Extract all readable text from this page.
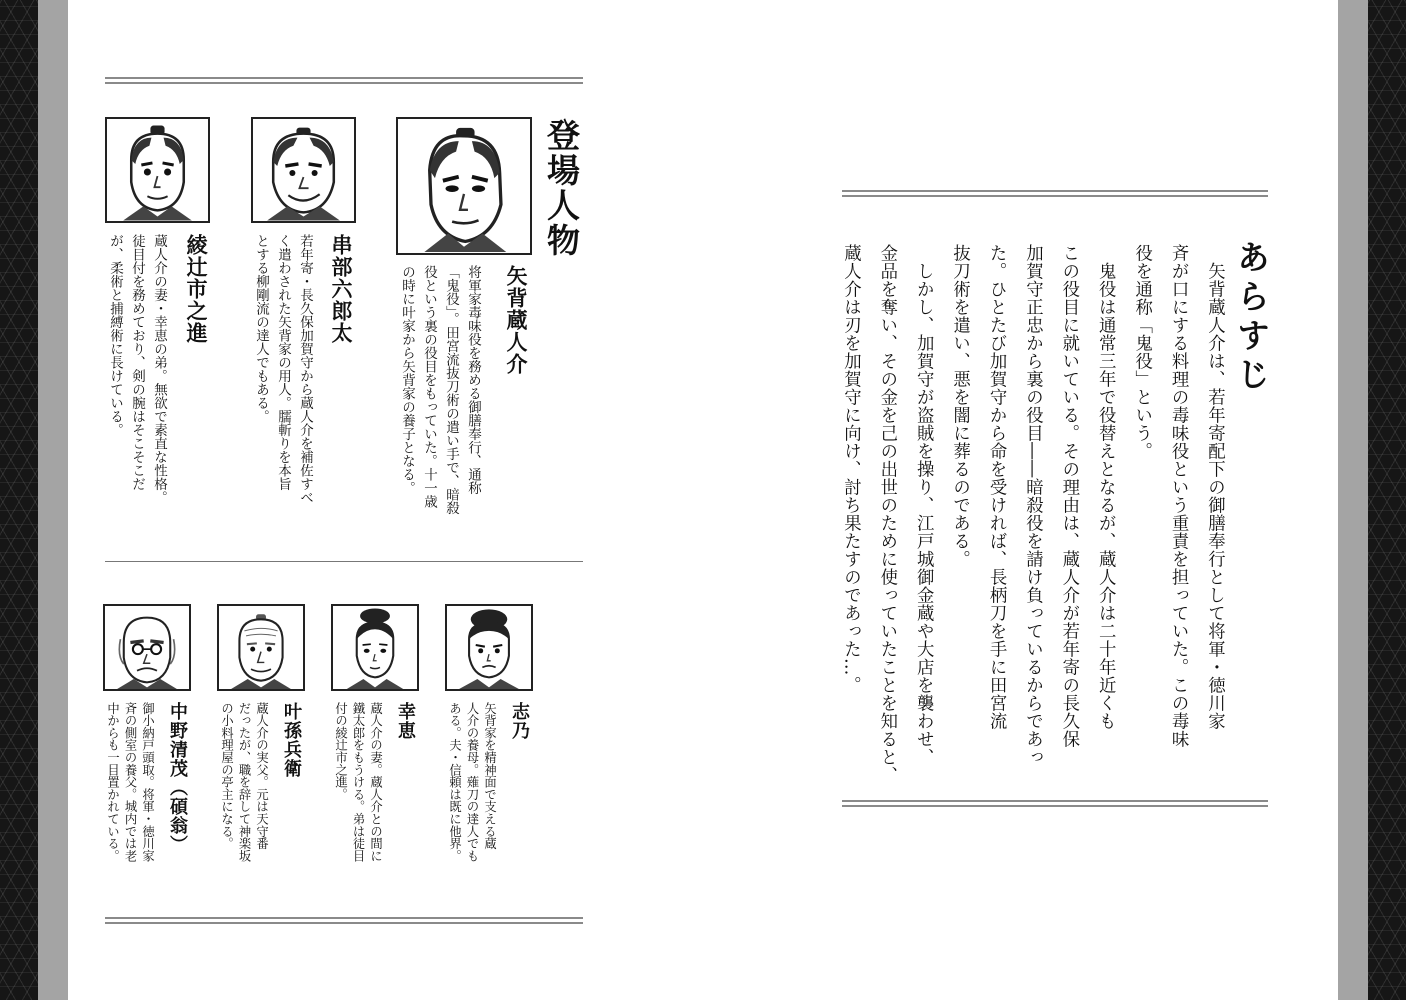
登場人物
矢背蔵人介
串部六郎太
綾辻市之進	将軍家毒味役を務める御膳奉行、通称
「鬼役」。田宮流抜刀術の遣い手で、暗殺
役という裏の役目をもっていた。十一歳
の時に叶家から矢背家の養子となる。
若年寄・長久保加賀守から蔵人介を補佐すべ
く遣わされた矢背家の用人。臑斬りを本旨
とする柳剛流の達人でもある。
蔵人介の妻・幸恵の弟。無欲で素直な性格。
徒目付を務めており、剣の腕はそこそこだ
が、柔術と捕縛術に長けている。
志乃
幸恵
叶孫兵衛
中野清茂（碩翁）	矢背家を精神面で支える蔵
人介の養母。薙刀の達人でも
ある。夫・信頼は既に他界。
蔵人介の妻。蔵人介との間に
鐵太郎をもうける。弟は徒目
付の綾辻市之進。
蔵人介の実父。元は天守番
だったが、職を辞して神楽坂
の小料理屋の亭主になる。
御小納戸頭取。将軍・徳川家
斉の側室の養父。城内では老
中からも一目置かれている。
あらすじ
　矢背蔵人介は、若年寄配下の御膳奉行として将軍・徳川家
斉が口にする料理の毒味役という重責を担っていた。この毒味
役を通称「鬼役」という。
　鬼役は通常三年で役替えとなるが、蔵人介は二十年近くも
この役目に就いている。その理由は、蔵人介が若年寄の長久保
加賀守正忠から裏の役目――暗殺役を請け負っているからであっ
た。ひとたび加賀守から命を受ければ、長柄刀を手に田宮流
抜刀術を遣い、悪を闇に葬るのである。
　しかし、加賀守が盗賊を操り、江戸城御金蔵や大店を襲わせ、
金品を奪い、その金を己の出世のために使っていたことを知ると、
蔵人介は刃を加賀守に向け、討ち果たすのであった…。
